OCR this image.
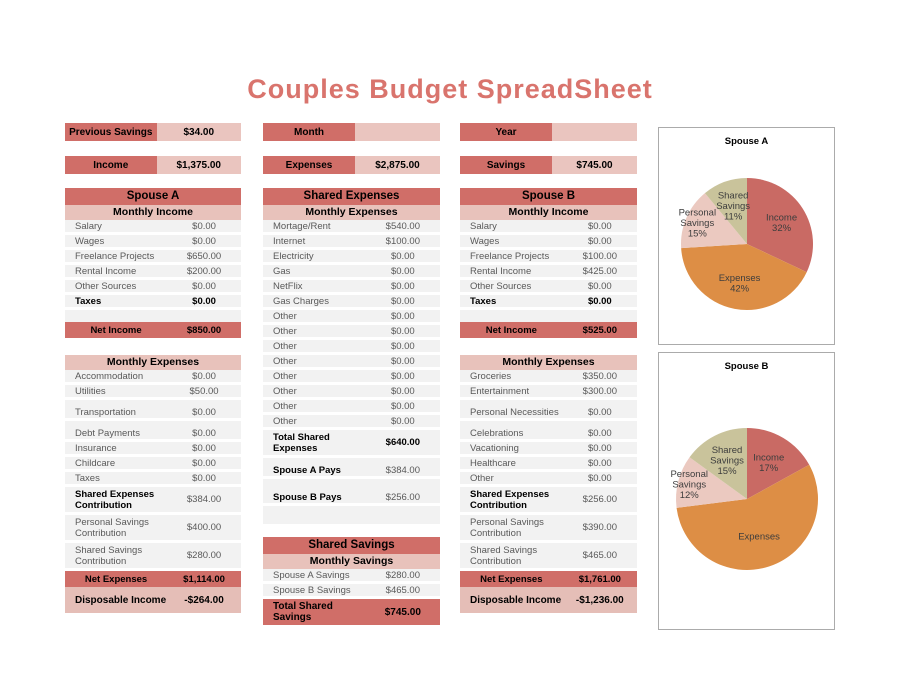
Couples Budget SpreadSheet
Previous Savings	$34.00
Income	$1,375.00
Month
Expenses	$2,875.00
Year
Savings	$745.00
Spouse A
Monthly Income
Salary	$0.00
Wages	$0.00
Freelance Projects	$650.00
Rental Income	$200.00
Other Sources	$0.00
Taxes	$0.00
Net Income	$850.00
Monthly Expenses
Accommodation	$0.00
Utilities	$50.00
Transportation	$0.00
Debt Payments	$0.00
Insurance	$0.00
Childcare	$0.00
Taxes	$0.00
Shared Expenses Contribution	$384.00
Personal Savings Contribution	$400.00
Shared Savings Contribution	$280.00
Net Expenses	$1,114.00
Disposable Income	-$264.00
Shared Expenses
Monthly Expenses
Mortage/Rent	$540.00
Internet	$100.00
Electricity	$0.00
Gas	$0.00
NetFlix	$0.00
Gas Charges	$0.00
Other	$0.00
Other	$0.00
Other	$0.00
Other	$0.00
Other	$0.00
Other	$0.00
Other	$0.00
Other	$0.00
Total Shared Expenses	$640.00
Spouse A Pays	$384.00
Spouse B Pays	$256.00
Shared Savings
Monthly Savings
Spouse A Savings	$280.00
Spouse B Savings	$465.00
Total Shared Savings	$745.00
Spouse B
Monthly Income
Salary	$0.00
Wages	$0.00
Freelance Projects	$100.00
Rental Income	$425.00
Other Sources	$0.00
Taxes	$0.00
Net Income	$525.00
Monthly Expenses
Groceries	$350.00
Entertainment	$300.00
Personal Necessities	$0.00
Celebrations	$0.00
Vacationing	$0.00
Healthcare	$0.00
Other	$0.00
Shared Expenses Contribution	$256.00
Personal Savings Contribution	$390.00
Shared Savings Contribution	$465.00
Net Expenses	$1,761.00
Disposable Income	-$1,236.00
Spouse A
Income 32%
Expenses 42%
Personal Savings 15%
Shared Savings 11%
Spouse B
Income 17%
Expenses
Personal Savings 12%
Shared Savings 15%
